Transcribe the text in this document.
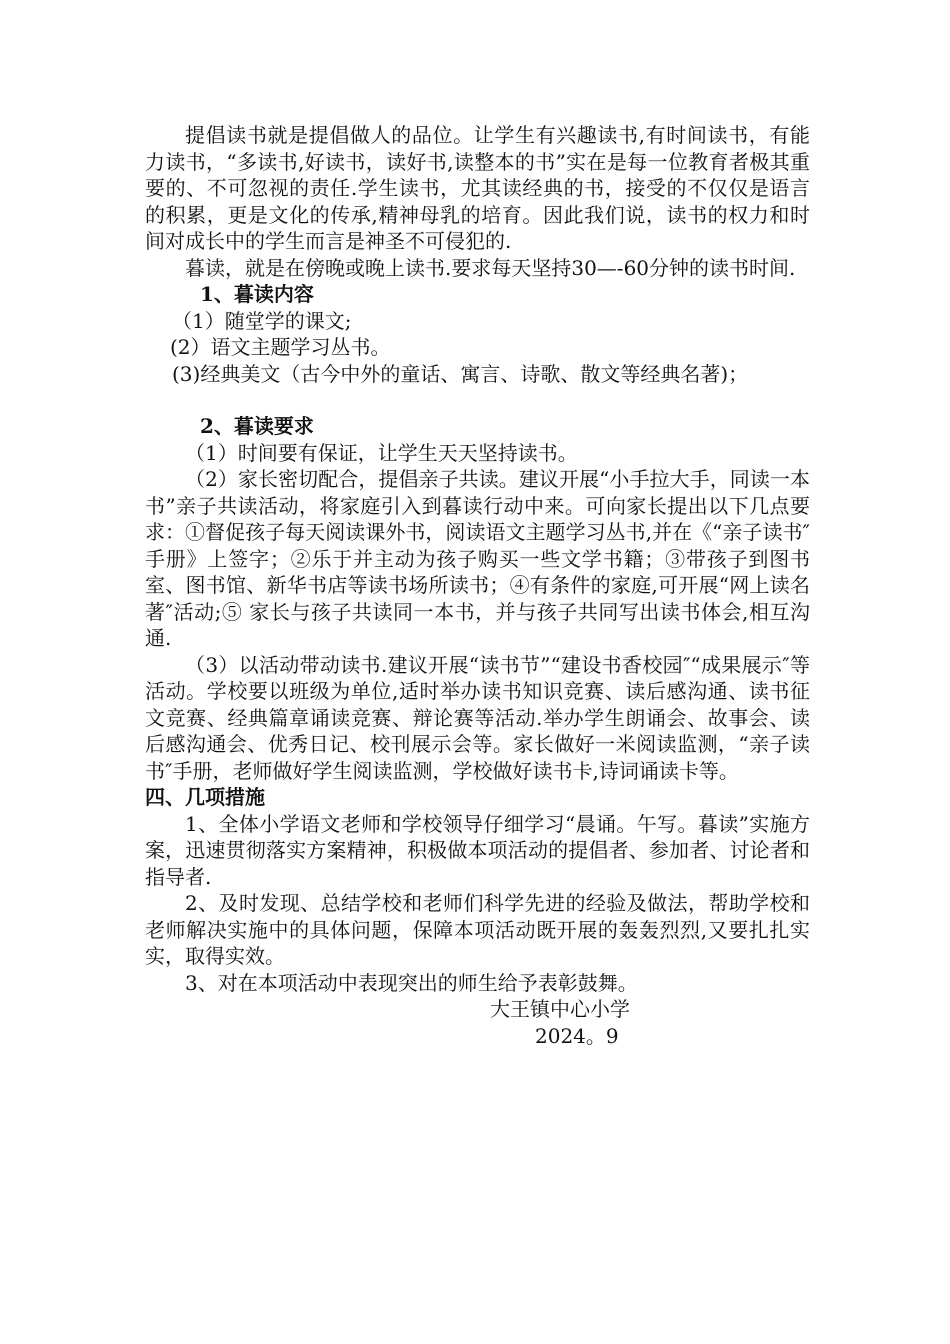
提倡读书就是提倡做人的品位。让学生有兴趣读书,有时间读书，有能力读书，“多读书,好读书，读好书,读整本的书”实在是每一位教育者极其重要的、不可忽视的责任.学生读书，尤其读经典的书，接受的不仅仅是语言的积累，更是文化的传承,精神母乳的培育。因此我们说，读书的权力和时间对成长中的学生而言是神圣不可侵犯的.

暮读，就是在傍晚或晚上读书.要求每天坚持30—-60分钟的读书时间.

1、暮读内容

（1）随堂学的课文;

(2）语文主题学习丛书。

(3)经典美文（古今中外的童话、寓言、诗歌、散文等经典名著)；

2、暮读要求

（1）时间要有保证，让学生天天坚持读书。

（2）家长密切配合，提倡亲子共读。建议开展“小手拉大手，同读一本书”亲子共读活动，将家庭引入到暮读行动中来。可向家长提出以下几点要求：①督促孩子每天阅读课外书，阅读语文主题学习丛书,并在《“亲子读书″手册》上签字；②乐于并主动为孩子购买一些文学书籍；③带孩子到图书室、图书馆、新华书店等读书场所读书；④有条件的家庭,可开展“网上读名著″活动;⑤ 家长与孩子共读同一本书，并与孩子共同写出读书体会,相互沟通.

（3）以活动带动读书.建议开展“读书节”“建设书香校园″“成果展示″等活动。学校要以班级为单位,适时举办读书知识竞赛、读后感沟通、读书征文竞赛、经典篇章诵读竞赛、辩论赛等活动.举办学生朗诵会、故事会、读后感沟通会、优秀日记、校刊展示会等。家长做好一米阅读监测，“亲子读书″手册，老师做好学生阅读监测，学校做好读书卡,诗词诵读卡等。

四、几项措施

1、全体小学语文老师和学校领导仔细学习“晨诵。午写。暮读”实施方案，迅速贯彻落实方案精神，积极做本项活动的提倡者、参加者、讨论者和指导者.

2、及时发现、总结学校和老师们科学先进的经验及做法，帮助学校和老师解决实施中的具体问题，保障本项活动既开展的轰轰烈烈,又要扎扎实实，取得实效。

3、对在本项活动中表现突出的师生给予表彰鼓舞。

大王镇中心小学

2024。9
